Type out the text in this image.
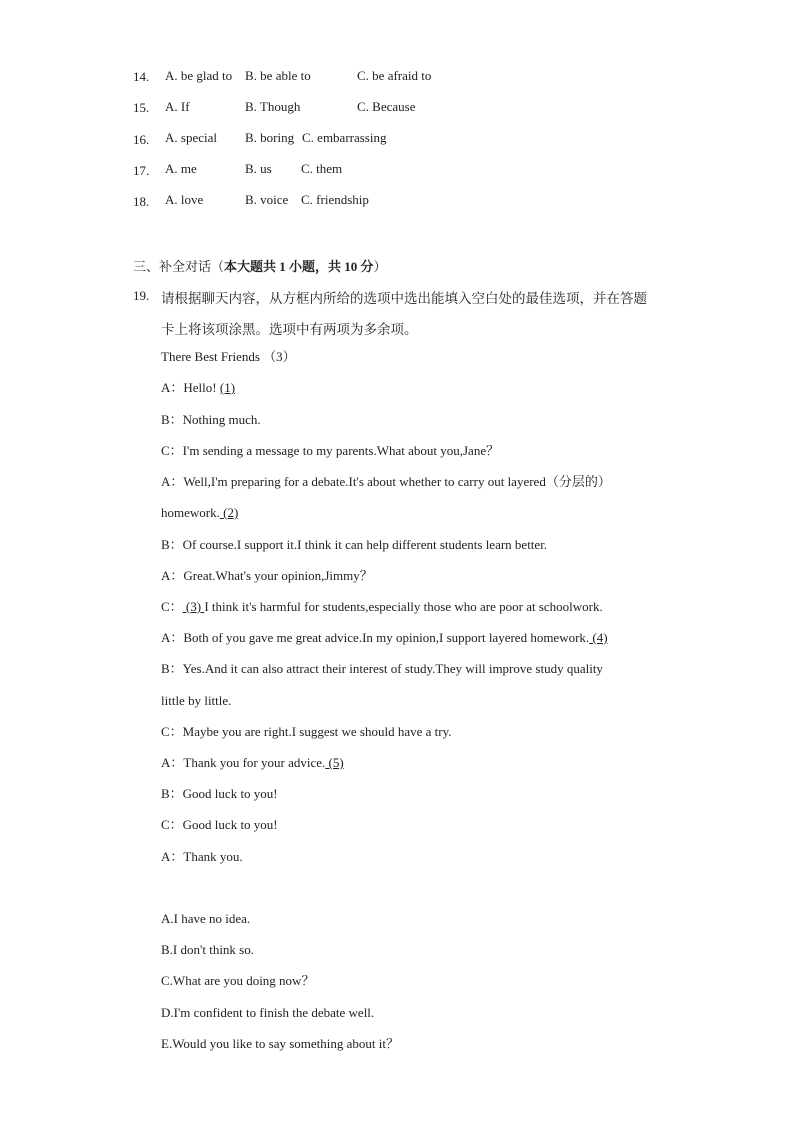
14. A. be glad to B. be able to	C. be afraid to
15. A. If	B. Though	C. Because
16. A. special B. boring C. embarrassing
17. A. me	B. us C. them
18. A. love	B. voice C. friendship
三、补全对话（本大题共 1 小题，共 10 分）
19. 请根据聊天内容，从方框内所给的选项中选出能填入空白处的最佳选项，并在答题
卡上将该项涂黑。选项中有两项为多余项。
There Best Friends （3）
A：Hello! (1)
B：Nothing much.
C：I'm sending a message to my parents.What about you,Jane？
A：Well,I'm preparing for a debate.It's about whether to carry out layered（分层的）
homework. (2)
B：Of course.I support it.I think it can help different students learn better.
A：Great.What's your opinion,Jimmy？
C： (3) I think it's harmful for students,especially those who are poor at schoolwork.
A：Both of you gave me great advice.In my opinion,I support layered homework. (4)
B：Yes.And it can also attract their interest of study.They will improve study quality
little by little.
C：Maybe you are right.I suggest we should have a try.
A：Thank you for your advice. (5)
B：Good luck to you!
C：Good luck to you!
A：Thank you.
A.I have no idea.
B.I don't think so.
C.What are you doing now？
D.I'm confident to finish the debate well.
E.Would you like to say something about it？
